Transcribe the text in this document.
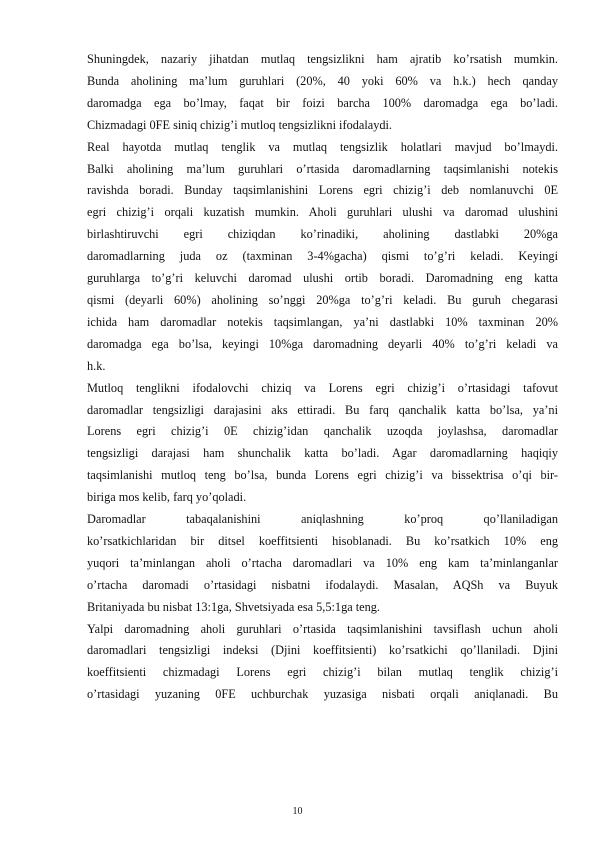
Shuningdek, nazariy jihatdan mutlaq tengsizlikni ham ajratib ko’rsatish mumkin.
Bunda aholining ma’lum guruhlari (20%, 40 yoki 60% va h.k.) hech qanday
daromadga ega bo’lmay, faqat bir foizi barcha 100% daromadga ega bo’ladi.
Chizmadagi 0FE siniq chizig’i mutloq tengsizlikni ifodalaydi.
Real hayotda mutlaq tenglik va mutlaq tengsizlik holatlari mavjud bo’lmaydi.
Balki aholining ma’lum guruhlari o’rtasida daromadlarning taqsimlanishi notekis
ravishda boradi. Bunday taqsimlanishini Lorens egri chizig’i deb nomlanuvchi 0E
egri chizig’i orqali kuzatish mumkin. Aholi guruhlari ulushi va daromad ulushini
birlashtiruvchi egri chiziqdan ko’rinadiki, aholining dastlabki 20%ga
daromadlarning juda oz (taxminan 3-4%gacha) qismi to’g’ri keladi. Keyingi
guruhlarga to’g’ri keluvchi daromad ulushi ortib boradi. Daromadning eng katta
qismi (deyarli 60%) aholining so’nggi 20%ga to’g’ri keladi. Bu guruh chegarasi
ichida ham daromadlar notekis taqsimlangan, ya’ni dastlabki 10% taxminan 20%
daromadga ega bo’lsa, keyingi 10%ga daromadning deyarli 40% to’g’ri keladi va
h.k.
Mutloq tenglikni ifodalovchi chiziq va Lorens egri chizig’i o’rtasidagi tafovut
daromadlar tengsizligi darajasini aks ettiradi. Bu farq qanchalik katta bo’lsa, ya’ni
Lorens egri chizig’i 0E chizig’idan qanchalik uzoqda joylashsa, daromadlar
tengsizligi darajasi ham shunchalik katta bo’ladi. Agar daromadlarning haqiqiy
taqsimlanishi mutloq teng bo’lsa, bunda Lorens egri chizig’i va bissektrisa o’qi bir-
biriga mos kelib, farq yo’qoladi.
Daromadlar tabaqalanishini aniqlashning ko’proq qo’llaniladigan
ko’rsatkichlaridan bir ditsel koeffitsienti hisoblanadi. Bu ko’rsatkich 10% eng
yuqori ta’minlangan aholi o’rtacha daromadlari va 10% eng kam ta’minlanganlar
o’rtacha daromadi o’rtasidagi nisbatni ifodalaydi. Masalan, AQSh va Buyuk
Britaniyada bu nisbat 13:1ga, Shvetsiyada esa 5,5:1ga teng.
Yalpi daromadning aholi guruhlari o’rtasida taqsimlanishini tavsiflash uchun aholi
daromadlari tengsizligi indeksi (Djini koeffitsienti) ko’rsatkichi qo’llaniladi. Djini
koeffitsienti chizmadagi Lorens egri chizig’i bilan mutlaq tenglik chizig’i
o’rtasidagi yuzaning 0FE uchburchak yuzasiga nisbati orqali aniqlanadi. Bu
10
